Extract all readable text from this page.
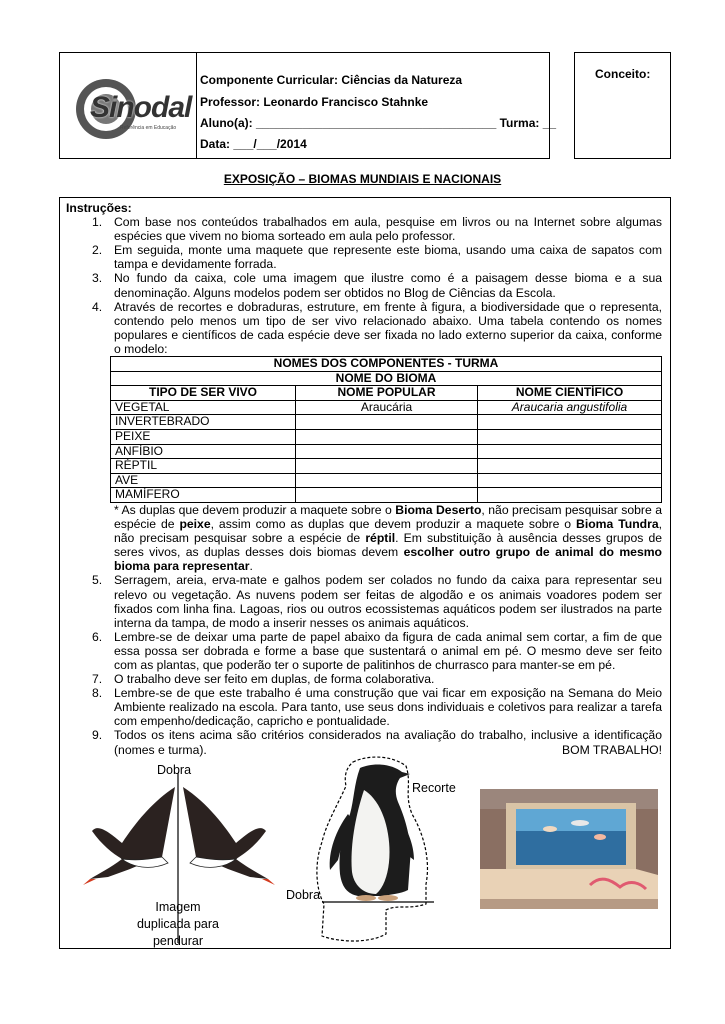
Sinodal
Referência em Educação
Componente Curricular: Ciências da Natureza
Professor: Leonardo Francisco Stahnke
Aluno(a): ____________________________________ Turma: __
Data: ___/___/2014
Conceito:
EXPOSIÇÃO – BIOMAS MUNDIAIS E NACIONAIS
Instruções:
1. Com base nos conteúdos trabalhados em aula, pesquise em livros ou na Internet sobre algumas espécies que vivem no bioma sorteado em aula pelo professor.
2. Em seguida, monte uma maquete que represente este bioma, usando uma caixa de sapatos com tampa e devidamente forrada.
3. No fundo da caixa, cole uma imagem que ilustre como é a paisagem desse bioma e a sua denominação. Alguns modelos podem ser obtidos no Blog de Ciências da Escola.
4. Através de recortes e dobraduras, estruture, em frente à figura, a biodiversidade que o representa, contendo pelo menos um tipo de ser vivo relacionado abaixo. Uma tabela contendo os nomes populares e científicos de cada espécie deve ser fixada no lado externo superior da caixa, conforme o modelo:
NOMES DOS COMPONENTES - TURMA		
NOME DO BIOMA		
TIPO DE SER VIVO	NOME POPULAR	NOME CIENTÍFICO
VEGETAL	Araucária	Araucaria angustifolia
INVERTEBRADO		
PEIXE		
ANFÍBIO		
RÉPTIL		
AVE		
MAMÍFERO		
* As duplas que devem produzir a maquete sobre o Bioma Deserto, não precisam pesquisar sobre a espécie de peixe, assim como as duplas que devem produzir a maquete sobre o Bioma Tundra, não precisam pesquisar sobre a espécie de réptil. Em substituição à ausência desses grupos de seres vivos, as duplas desses dois biomas devem escolher outro grupo de animal do mesmo bioma para representar.
5. Serragem, areia, erva-mate e galhos podem ser colados no fundo da caixa para representar seu relevo ou vegetação. As nuvens podem ser feitas de algodão e os animais voadores podem ser fixados com linha fina. Lagoas, rios ou outros ecossistemas aquáticos podem ser ilustrados na parte interna da tampa, de modo a inserir nesses os animais aquáticos.
6. Lembre-se de deixar uma parte de papel abaixo da figura de cada animal sem cortar, a fim de que essa possa ser dobrada e forme a base que sustentará o animal em pé. O mesmo deve ser feito com as plantas, que poderão ter o suporte de palitinhos de churrasco para manter-se em pé.
7. O trabalho deve ser feito em duplas, de forma colaborativa.
8. Lembre-se de que este trabalho é uma construção que vai ficar em exposição na Semana do Meio Ambiente realizado na escola. Para tanto, use seus dons individuais e coletivos para realizar a tarefa com empenho/dedicação, capricho e pontualidade.
9. Todos os itens acima são critérios considerados na avaliação do trabalho, inclusive a identificação (nomes e turma).	BOM TRABALHO!
Dobra
Imagem duplicada para pendurar
Recorte
Dobra
